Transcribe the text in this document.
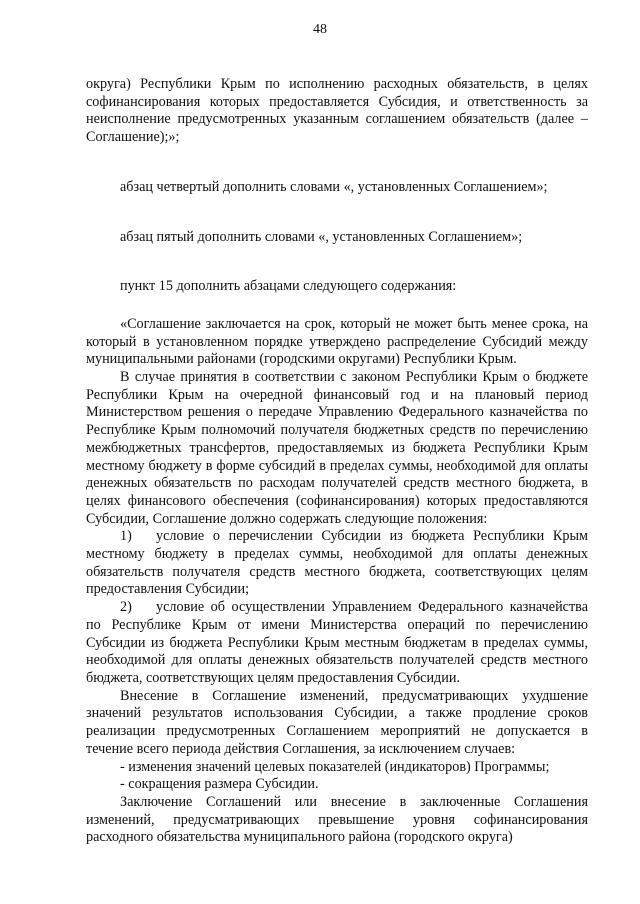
48

округа) Республики Крым по исполнению расходных обязательств, в целях софинансирования которых предоставляется Субсидия, и ответственность за неисполнение предусмотренных указанным соглашением обязательств (далее – Соглашение);»;

абзац четвертый дополнить словами «, установленных Соглашением»;

абзац пятый дополнить словами «, установленных Соглашением»;

пункт 15 дополнить абзацами следующего содержания:

«Соглашение заключается на срок, который не может быть менее срока, на который в установленном порядке утверждено распределение Субсидий между муниципальными районами (городскими округами) Республики Крым.

В случае принятия в соответствии с законом Республики Крым о бюджете Республики Крым на очередной финансовый год и на плановый период Министерством решения о передаче Управлению Федерального казначейства по Республике Крым полномочий получателя бюджетных средств по перечислению межбюджетных трансфертов, предоставляемых из бюджета Республики Крым местному бюджету в форме субсидий в пределах суммы, необходимой для оплаты денежных обязательств по расходам получателей средств местного бюджета, в целях финансового обеспечения (софинансирования) которых предоставляются Субсидии, Соглашение должно содержать следующие положения:

1) условие о перечислении Субсидии из бюджета Республики Крым местному бюджету в пределах суммы, необходимой для оплаты денежных обязательств получателя средств местного бюджета, соответствующих целям предоставления Субсидии;

2) условие об осуществлении Управлением Федерального казначейства по Республике Крым от имени Министерства операций по перечислению Субсидии из бюджета Республики Крым местным бюджетам в пределах суммы, необходимой для оплаты денежных обязательств получателей средств местного бюджета, соответствующих целям предоставления Субсидии.

Внесение в Соглашение изменений, предусматривающих ухудшение значений результатов использования Субсидии, а также продление сроков реализации предусмотренных Соглашением мероприятий не допускается в течение всего периода действия Соглашения, за исключением случаев:

- изменения значений целевых показателей (индикаторов) Программы;

- сокращения размера Субсидии.

Заключение Соглашений или внесение в заключенные Соглашения изменений, предусматривающих превышение уровня софинансирования расходного обязательства муниципального района (городского округа)
